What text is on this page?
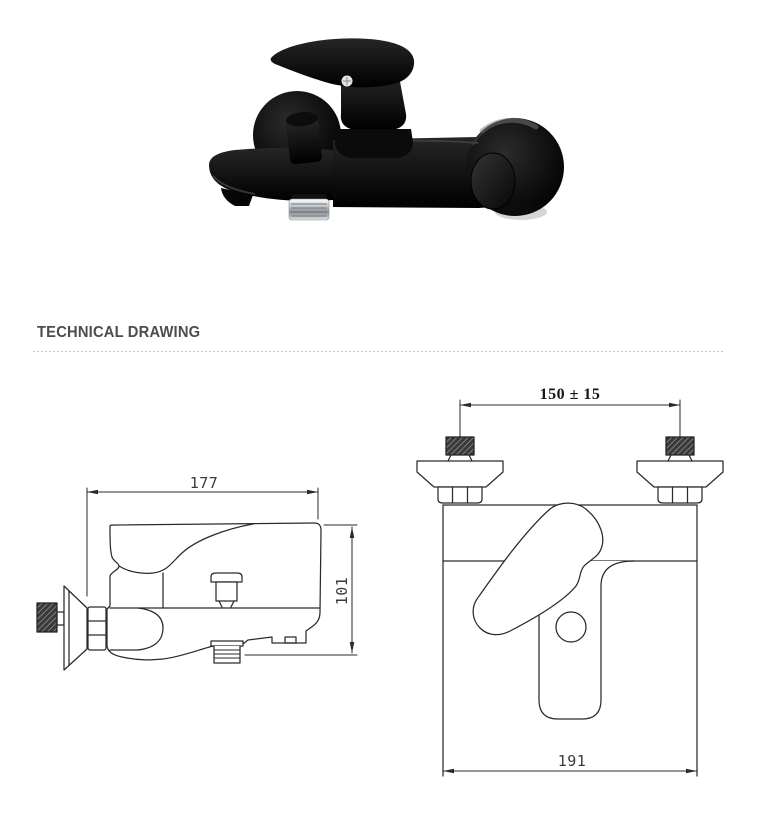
TECHNICAL DRAWING
177
101
150 ± 15
191
